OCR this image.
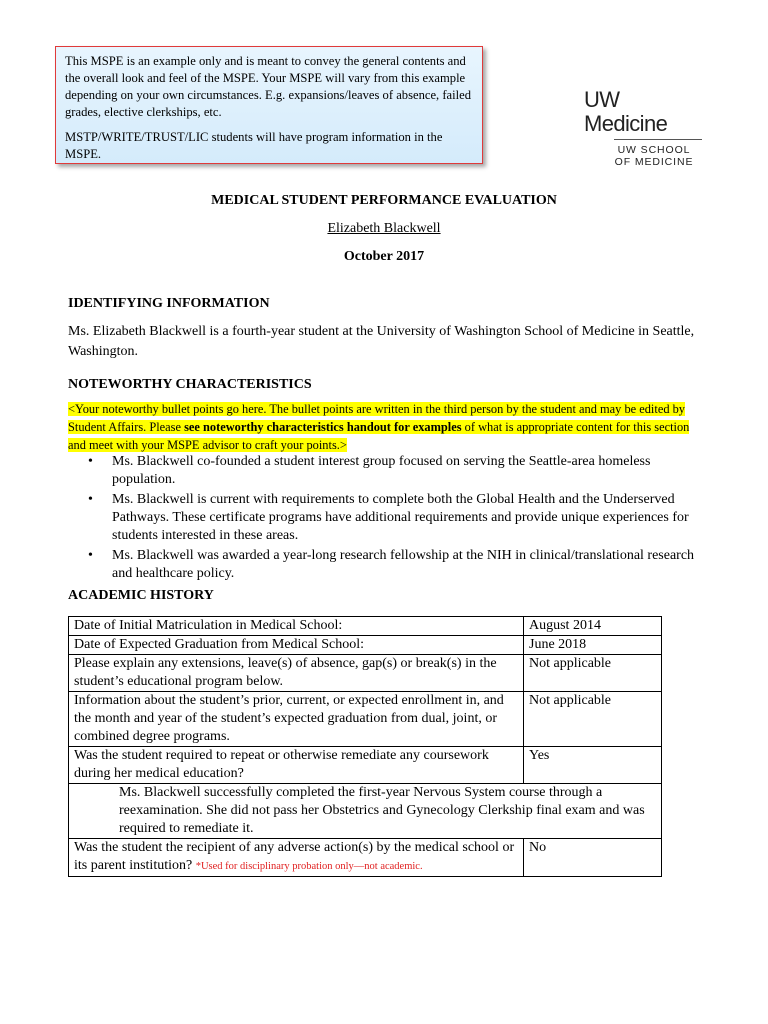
This MSPE is an example only and is meant to convey the general contents and the overall look and feel of the MSPE. Your MSPE will vary from this example depending on your own circumstances. E.g. expansions/leaves of absence, failed grades, elective clerkships, etc.

MSTP/WRITE/TRUST/LIC students will have program information in the MSPE.

UW Medicine
UW SCHOOL
OF MEDICINE
MEDICAL STUDENT PERFORMANCE EVALUATION
Elizabeth Blackwell
October 2017
IDENTIFYING INFORMATION
Ms. Elizabeth Blackwell is a fourth-year student at the University of Washington School of Medicine in Seattle, Washington.
NOTEWORTHY CHARACTERISTICS
<Your noteworthy bullet points go here. The bullet points are written in the third person by the student and may be edited by Student Affairs. Please see noteworthy characteristics handout for examples of what is appropriate content for this section and meet with your MSPE advisor to craft your points.>
• Ms. Blackwell co-founded a student interest group focused on serving the Seattle-area homeless population.
• Ms. Blackwell is current with requirements to complete both the Global Health and the Underserved Pathways. These certificate programs have additional requirements and provide unique experiences for students interested in these areas.
• Ms. Blackwell was awarded a year-long research fellowship at the NIH in clinical/translational research and healthcare policy.
ACADEMIC HISTORY
Date of Initial Matriculation in Medical School:	August 2014
Date of Expected Graduation from Medical School:	June 2018
Please explain any extensions, leave(s) of absence, gap(s) or break(s) in the student’s educational program below.	Not applicable
Information about the student’s prior, current, or expected enrollment in, and the month and year of the student’s expected graduation from dual, joint, or combined degree programs.	Not applicable
Was the student required to repeat or otherwise remediate any coursework during her medical education?	Yes
Ms. Blackwell successfully completed the first-year Nervous System course through a reexamination. She did not pass her Obstetrics and Gynecology Clerkship final exam and was required to remediate it.	
Was the student the recipient of any adverse action(s) by the medical school or its parent institution? *Used for disciplinary probation only—not academic.	No
